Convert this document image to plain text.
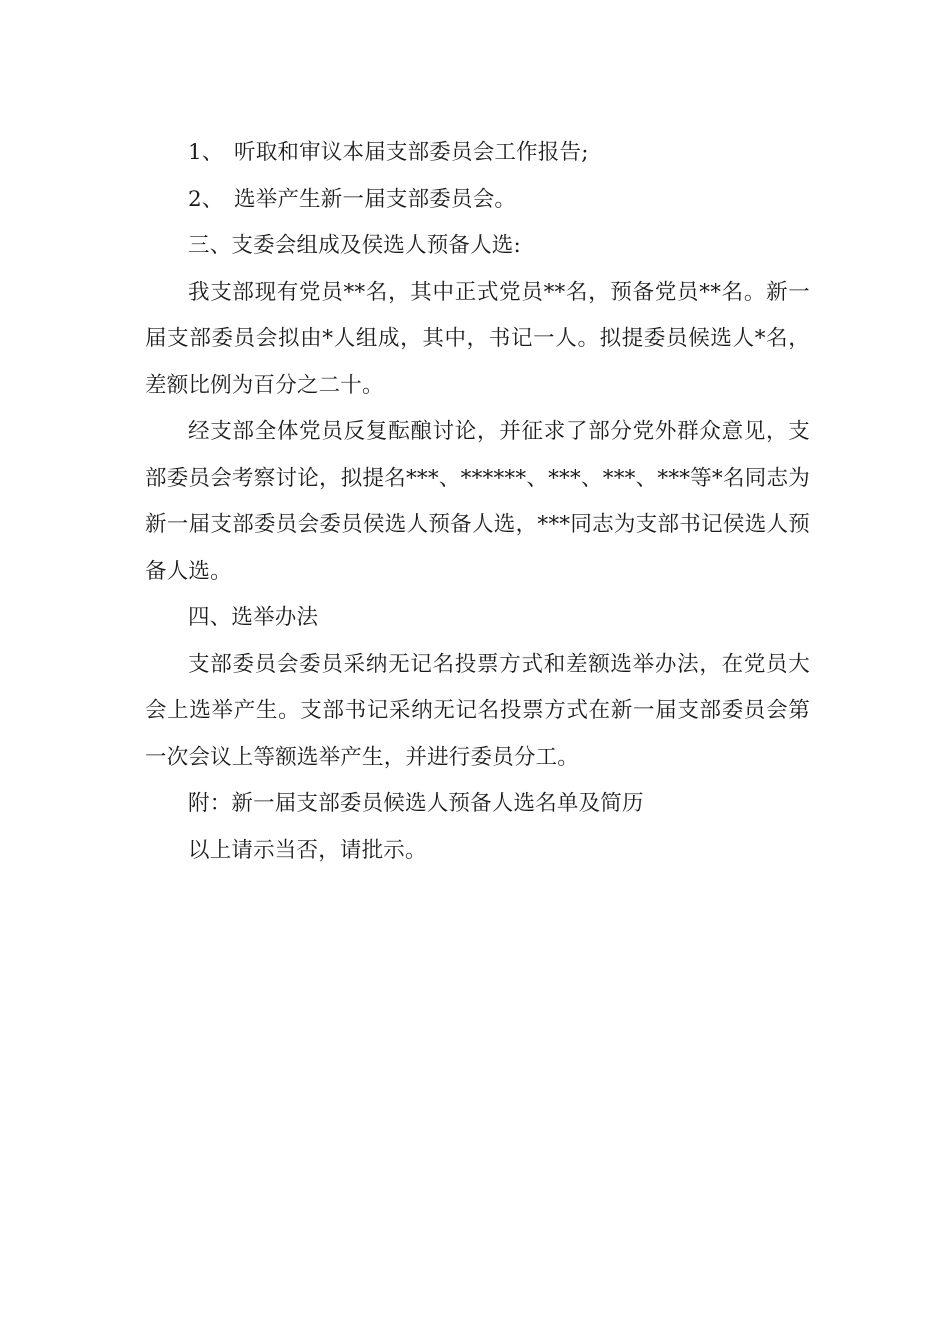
1、 听取和审议本届支部委员会工作报告;

2、 选举产生新一届支部委员会。

三、支委会组成及侯选人预备人选:

我支部现有党员**名，其中正式党员**名，预备党员**名。新一届支部委员会拟由*人组成，其中，书记一人。拟提委员候选人*名，差额比例为百分之二十。

经支部全体党员反复酝酿讨论，并征求了部分党外群众意见，支部委员会考察讨论，拟提名***、******、***、***、***等*名同志为新一届支部委员会委员侯选人预备人选，***同志为支部书记侯选人预备人选。

四、选举办法

支部委员会委员采纳无记名投票方式和差额选举办法，在党员大会上选举产生。支部书记采纳无记名投票方式在新一届支部委员会第一次会议上等额选举产生，并进行委员分工。

附：新一届支部委员候选人预备人选名单及简历

以上请示当否，请批示。
